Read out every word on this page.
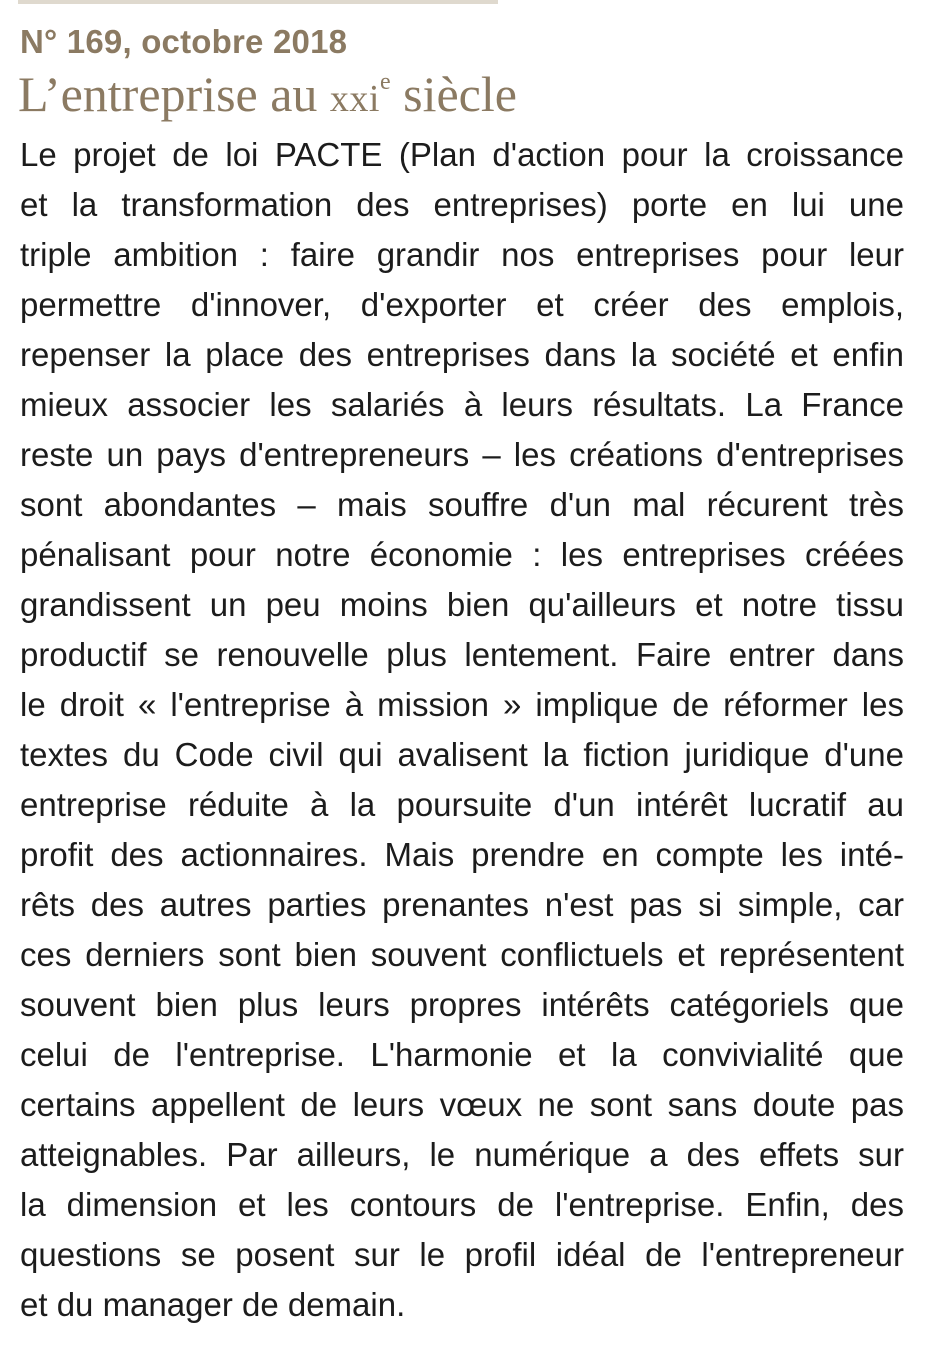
N° 169, octobre 2018
L’entreprise au xxi$^e$ siècle
Le projet de loi PACTE (Plan d'action pour la croissance
et la transformation des entreprises) porte en lui une
triple ambition : faire grandir nos entreprises pour leur
permettre d'innover, d'exporter et créer des emplois,
repenser la place des entreprises dans la société et enfin
mieux associer les salariés à leurs résultats. La France
reste un pays d'entrepreneurs – les créations d'entreprises
sont abondantes – mais souffre d'un mal récurent très
pénalisant pour notre économie : les entreprises créées
grandissent un peu moins bien qu'ailleurs et notre tissu
productif se renouvelle plus lentement. Faire entrer dans
le droit « l'entreprise à mission » implique de réformer les
textes du Code civil qui avalisent la fiction juridique d'une
entreprise réduite à la poursuite d'un intérêt lucratif au
profit des actionnaires. Mais prendre en compte les inté-
rêts des autres parties prenantes n'est pas si simple, car
ces derniers sont bien souvent conflictuels et représentent
souvent bien plus leurs propres intérêts catégoriels que
celui de l'entreprise. L'harmonie et la convivialité que
certains appellent de leurs vœux ne sont sans doute pas
atteignables. Par ailleurs, le numérique a des effets sur
la dimension et les contours de l'entreprise. Enfin, des
questions se posent sur le profil idéal de l'entrepreneur
et du manager de demain.
